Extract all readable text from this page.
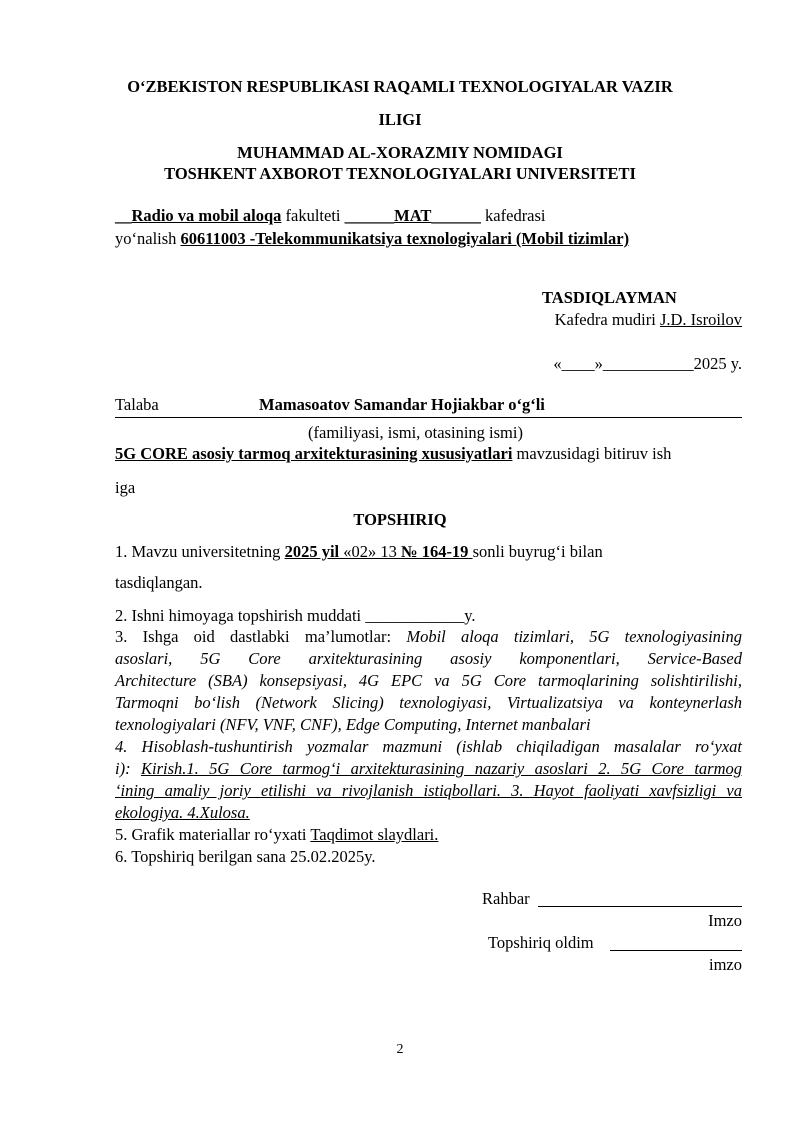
O‘ZBEKISTON RESPUBLIKASI RAQAMLI TEXNOLOGIYALAR VAZIR
ILIGI
MUHAMMAD AL-XORAZMIY NOMIDAGI
TOSHKENT AXBOROT TEXNOLOGIYALARI UNIVERSITETI
__Radio va mobil aloqa fakulteti ______MAT______ kafedrasi
yo‘nalish 60611003 -Telekommunikatsiya texnologiyalari (Mobil tizimlar)
TASDIQLAYMAN
Kafedra mudiri J.D. Isroilov
«____»___________2025 y.
Talaba	Mamasoatov Samandar Hojiakbar o‘g‘li
(familiyasi, ismi, otasining ismi)
5G CORE asosiy tarmoq arxitekturasining xususiyatlari mavzusidagi bitiruv ish
iga
TOPSHIRIQ
1. Mavzu universitetning 2025 yil «02» 13 № 164-19 sonli buyrug‘i bilan
tasdiqlangan.
2. Ishni himoyaga topshirish muddati ____________y.
3. Ishga oid dastlabki ma’lumotlar: Mobil aloqa tizimlari, 5G texnologiyasining
asoslari, 5G Core arxitekturasining asosiy komponentlari, Service-Based
Architecture (SBA) konsepsiyasi, 4G EPC va 5G Core tarmoqlarining solishtirilishi,
Tarmoqni bo‘lish (Network Slicing) texnologiyasi, Virtualizatsiya va konteynerlash
texnologiyalari (NFV, VNF, CNF), Edge Computing, Internet manbalari
4. Hisoblash-tushuntirish yozmalar mazmuni (ishlab chiqiladigan masalalar ro‘yxat
i): Kirish.1. 5G Core tarmog‘i arxitekturasining nazariy asoslari 2. 5G Core tarmog
‘ining amaliy joriy etilishi va rivojlanish istiqbollari. 3. Hayot faoliyati xavfsizligi va
ekologiya. 4.Xulosa.
5. Grafik materiallar ro‘yxati Taqdimot slaydlari.
6. Topshiriq berilgan sana 25.02.2025y.
Rahbar
Imzo
Topshiriq oldim
imzo
2
